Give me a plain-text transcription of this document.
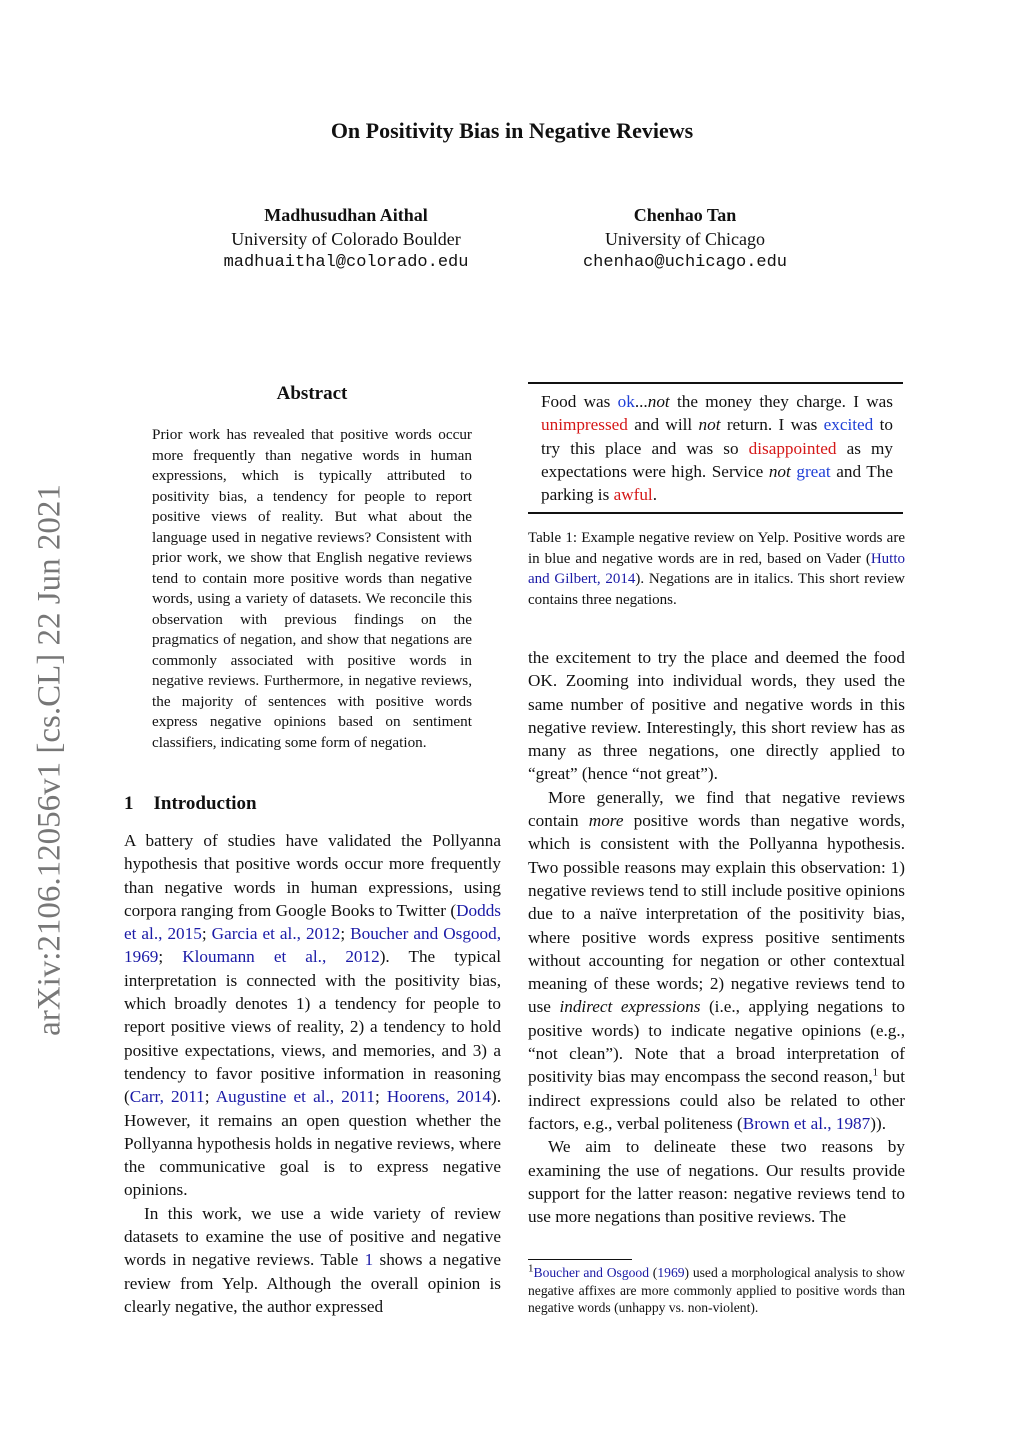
On Positivity Bias in Negative Reviews
Madhusudhan Aithal
University of Colorado Boulder
madhuaithal@colorado.edu
Chenhao Tan
University of Chicago
chenhao@uchicago.edu
arXiv:2106.12056v1 [cs.CL] 22 Jun 2021
Abstract
Prior work has revealed that positive words occur more frequently than negative words in human expressions, which is typically attributed to positivity bias, a tendency for people to report positive views of reality. But what about the language used in negative reviews? Consistent with prior work, we show that English negative reviews tend to contain more positive words than negative words, using a variety of datasets. We reconcile this observation with previous findings on the pragmatics of negation, and show that negations are commonly associated with positive words in negative reviews. Furthermore, in negative reviews, the majority of sentences with positive words express negative opinions based on sentiment classifiers, indicating some form of negation.
1 Introduction

A battery of studies have validated the Pollyanna hypothesis that positive words occur more frequently than negative words in human expressions, using corpora ranging from Google Books to Twitter (Dodds et al., 2015; Garcia et al., 2012; Boucher and Osgood, 1969; Kloumann et al., 2012). The typical interpretation is connected with the positivity bias, which broadly denotes 1) a tendency for people to report positive views of reality, 2) a tendency to hold positive expectations, views, and memories, and 3) a tendency to favor positive information in reasoning (Carr, 2011; Augustine et al., 2011; Hoorens, 2014). However, it remains an open question whether the Pollyanna hypothesis holds in negative reviews, where the communicative goal is to express negative opinions.

In this work, we use a wide variety of review datasets to examine the use of positive and negative words in negative reviews. Table 1 shows a negative review from Yelp. Although the overall opinion is clearly negative, the author expressed

Food was ok...not the money they charge. I was unimpressed and will not return. I was excited to try this place and was so disappointed as my expectations were high. Service not great and The parking is awful.
Table 1: Example negative review on Yelp. Positive words are in blue and negative words are in red, based on Vader (Hutto and Gilbert, 2014). Negations are in italics. This short review contains three negations.

the excitement to try the place and deemed the food OK. Zooming into individual words, they used the same number of positive and negative words in this negative review. Interestingly, this short review has as many as three negations, one directly applied to “great” (hence “not great”).

More generally, we find that negative reviews contain more positive words than negative words, which is consistent with the Pollyanna hypothesis. Two possible reasons may explain this observation: 1) negative reviews tend to still include positive opinions due to a naïve interpretation of the positivity bias, where positive words express positive sentiments without accounting for negation or other contextual meaning of these words; 2) negative reviews tend to use indirect expressions (i.e., applying negations to positive words) to indicate negative opinions (e.g., “not clean”). Note that a broad interpretation of positivity bias may encompass the second reason,$^1$ but indirect expressions could also be related to other factors, e.g., verbal politeness (Brown et al., 1987)).

We aim to delineate these two reasons by examining the use of negations. Our results provide support for the latter reason: negative reviews tend to use more negations than positive reviews. The

$^1$Boucher and Osgood (1969) used a morphological analysis to show negative affixes are more commonly applied to positive words than negative words (unhappy vs. non-violent).
